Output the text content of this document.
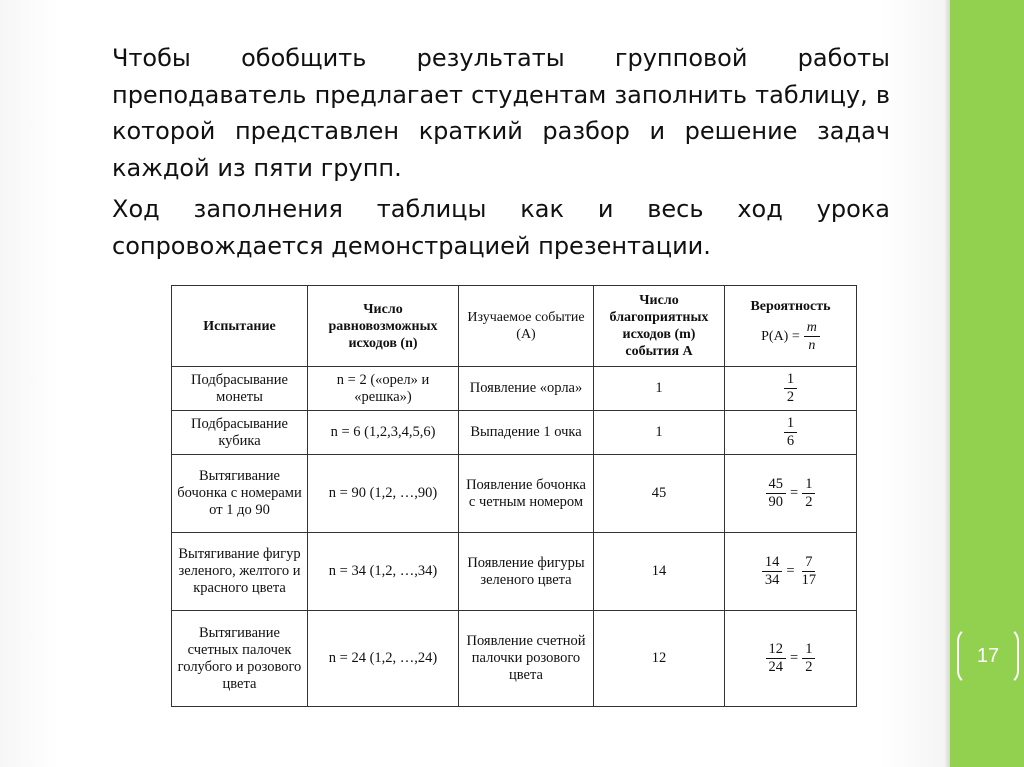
17

Чтобы обобщить результаты групповой работы преподаватель предлагает студентам заполнить таблицу, в которой представлен краткий разбор и решение задач каждой из пяти групп.

Ход заполнения таблицы как и весь ход урока сопровождается демонстрацией презентации.

Испытание	Число равновозможных исходов (n)	Изучаемое событие (А)	Число благоприятных исходов (m) события А	Вероятность
$P(A) = \frac{m}{n}$

Подбрасывание монеты	n = 2 («орел» и «решка»)	Появление «орла»	1	$\frac{1}{2}$

Подбрасывание кубика	n = 6 (1,2,3,4,5,6)	Выпадение 1 очка	1	$\frac{1}{6}$

Вытягивание бочонка с номерами от 1 до 90	n = 90 (1,2, …,90)	Появление бочонка с четным номером	45	$\frac{45}{90} = \frac{1}{2}$

Вытягивание фигур зеленого, желтого и красного цвета	n = 34 (1,2, …,34)	Появление фигуры зеленого цвета	14	$\frac{14}{34} = \frac{7}{17}$

Вытягивание счетных палочек голубого и розового цвета	n = 24 (1,2, …,24)	Появление счетной палочки розового цвета	12	$\frac{12}{24} = \frac{1}{2}$
